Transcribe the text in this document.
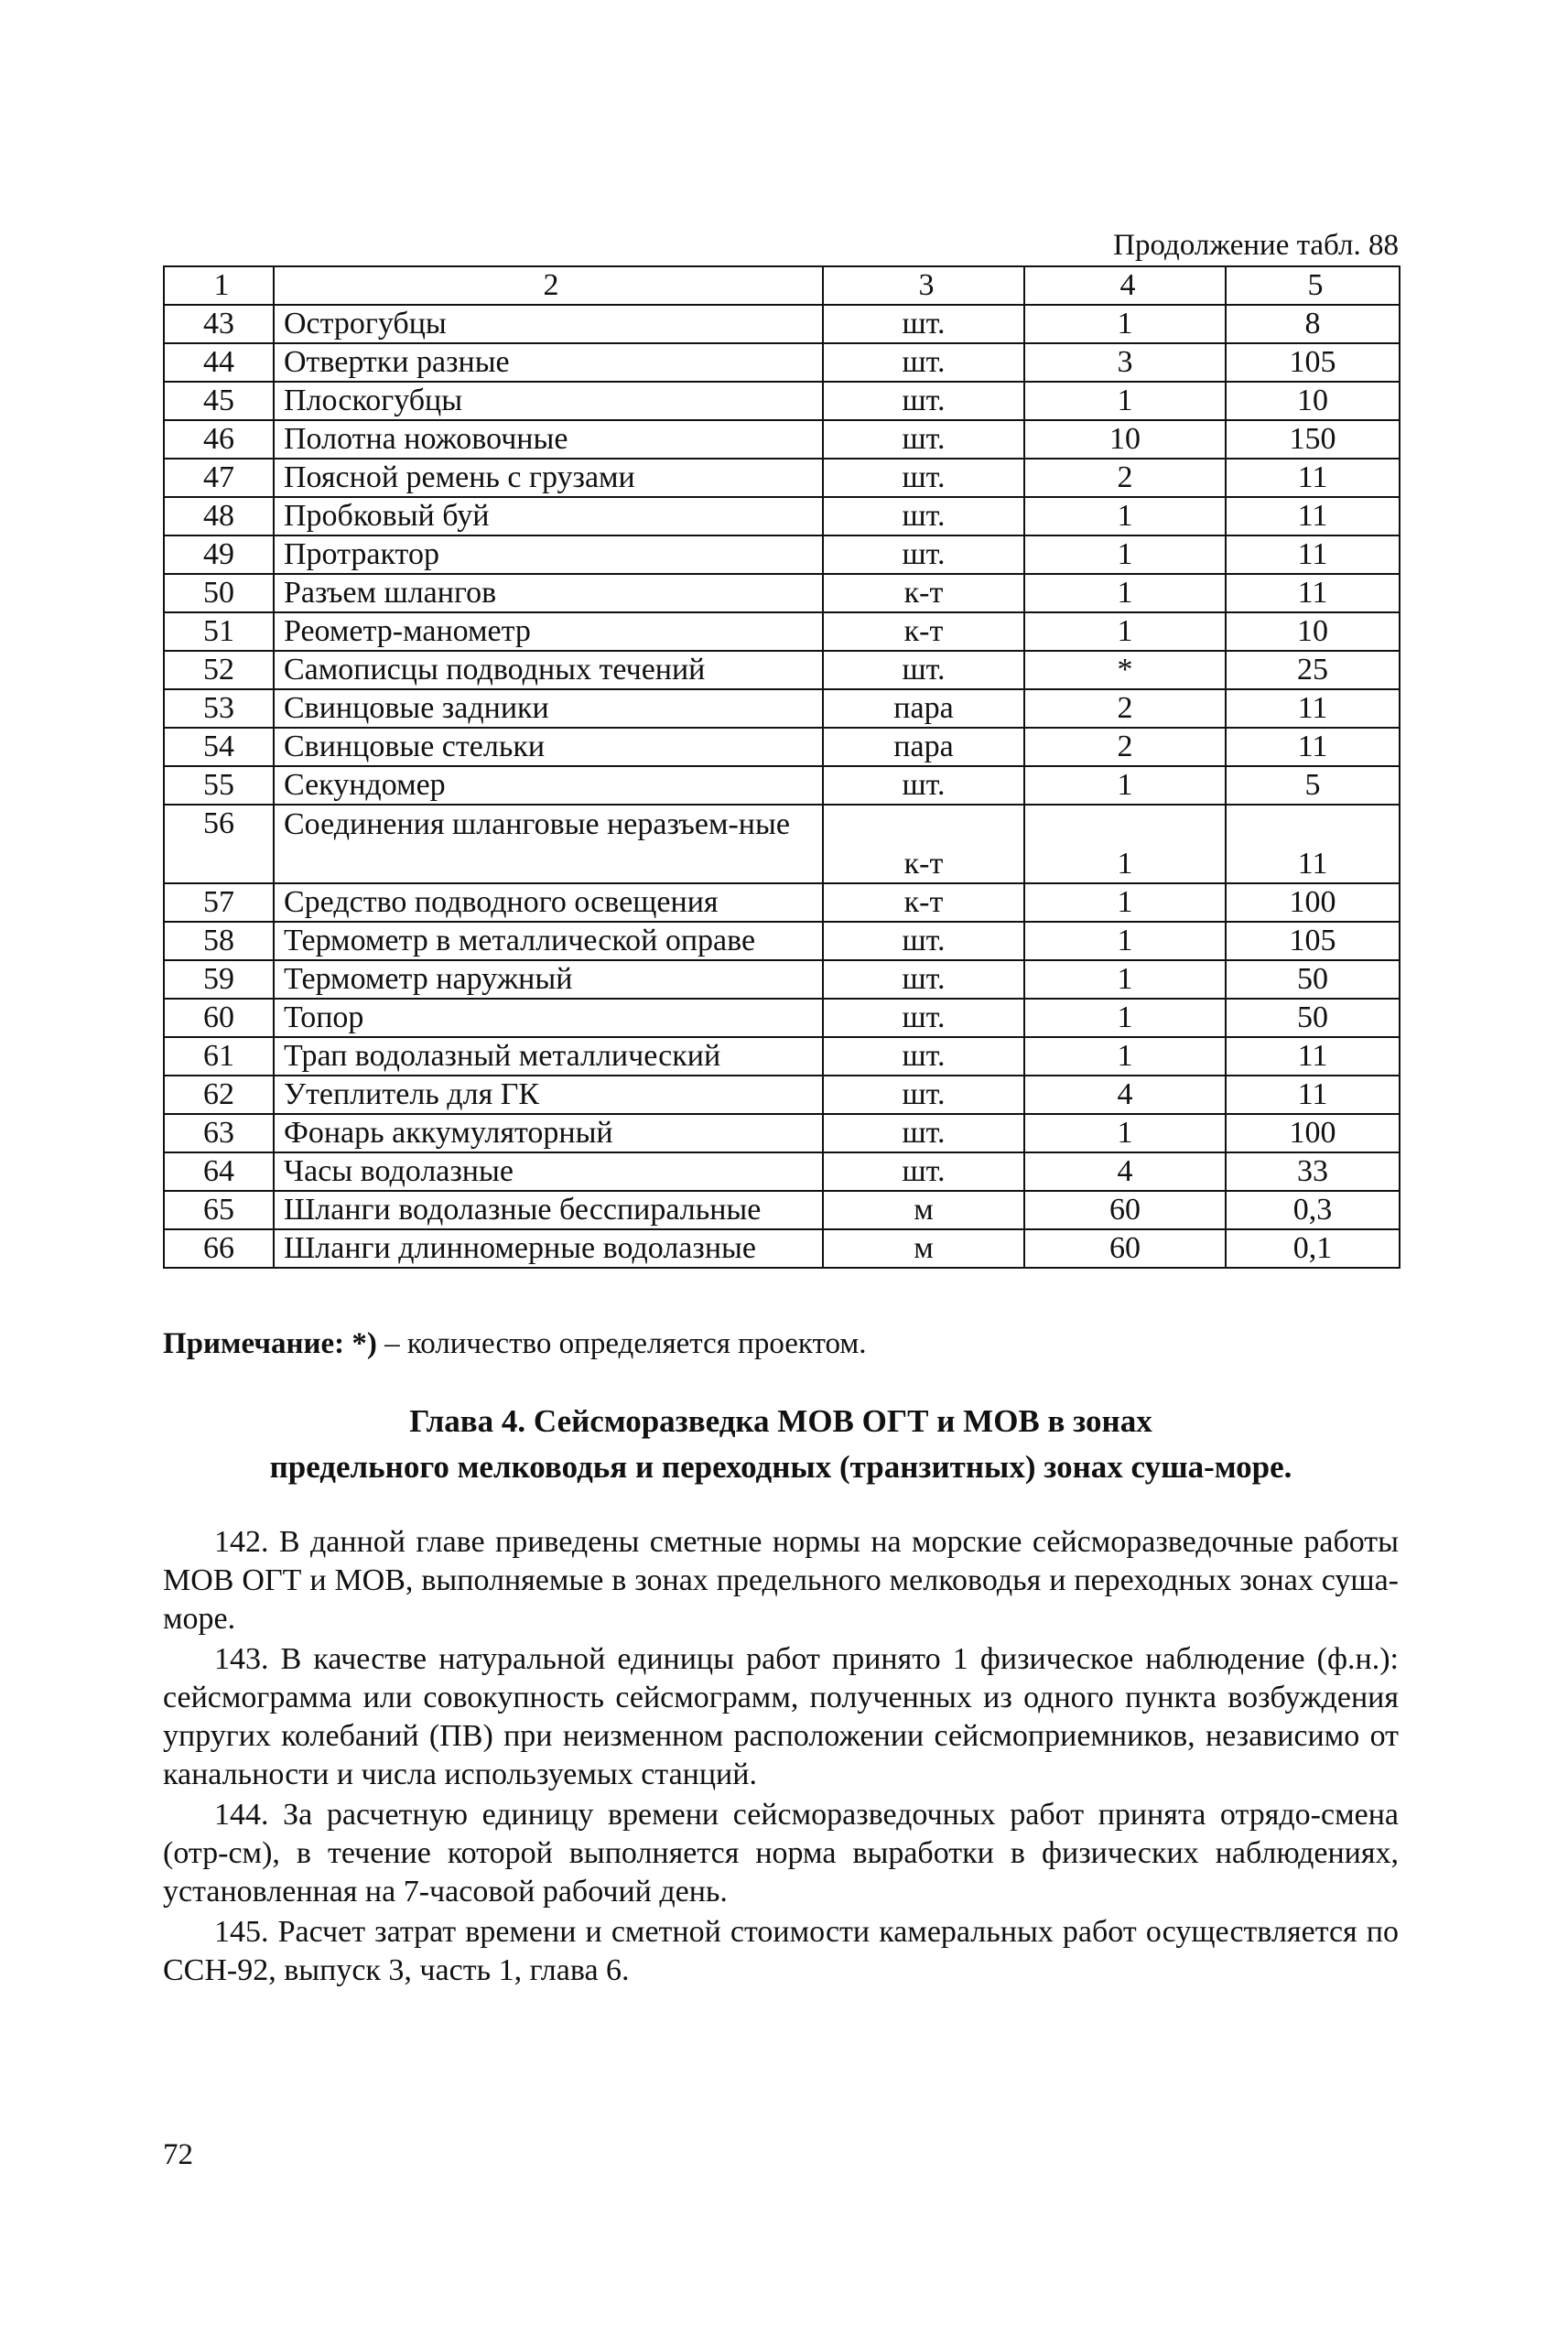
Продолжение табл. 88
1	2	3	4	5
43	Острогубцы	шт.	1	8
44	Отвертки разные	шт.	3	105
45	Плоскогубцы	шт.	1	10
46	Полотна ножовочные	шт.	10	150
47	Поясной ремень с грузами	шт.	2	11
48	Пробковый буй	шт.	1	11
49	Протрактор	шт.	1	11
50	Разъем шлангов	к-т	1	11
51	Реометр-манометр	к-т	1	10
52	Самописцы подводных течений	шт.	*	25
53	Свинцовые задники	пара	2	11
54	Свинцовые стельки	пара	2	11
55	Секундомер	шт.	1	5
56	Соединения шланговые неразъем-ные	к-т	1	11
57	Средство подводного освещения	к-т	1	100
58	Термометр в металлической оправе	шт.	1	105
59	Термометр наружный	шт.	1	50
60	Топор	шт.	1	50
61	Трап водолазный металлический	шт.	1	11
62	Утеплитель для ГК	шт.	4	11
63	Фонарь аккумуляторный	шт.	1	100
64	Часы водолазные	шт.	4	33
65	Шланги водолазные бесспиральные	м	60	0,3
66	Шланги длинномерные водолазные	м	60	0,1
Примечание: *) – количество определяется проектом.
Глава 4. Сейсморазведка МОВ ОГТ и МОВ в зонах
предельного мелководья и переходных (транзитных) зонах суша-море.

142. В данной главе приведены сметные нормы на морские сейсморазведочные работы МОВ ОГТ и МОВ, выполняемые в зонах предельного мелководья и переходных зонах суша-море.

143. В качестве натуральной единицы работ принято 1 физическое наблюдение (ф.н.): сейсмограмма или совокупность сейсмограмм, полученных из одного пункта возбуждения упругих колебаний (ПВ) при неизменном расположении сейсмоприемников, независимо от канальности и числа используемых станций.

144. За расчетную единицу времени сейсморазведочных работ принята отрядо-смена (отр-см), в течение которой выполняется норма выработки в физических наблюдениях, установленная на 7-часовой рабочий день.

145. Расчет затрат времени и сметной стоимости камеральных работ осуществляется по ССН-92, выпуск 3, часть 1, глава 6.

72
